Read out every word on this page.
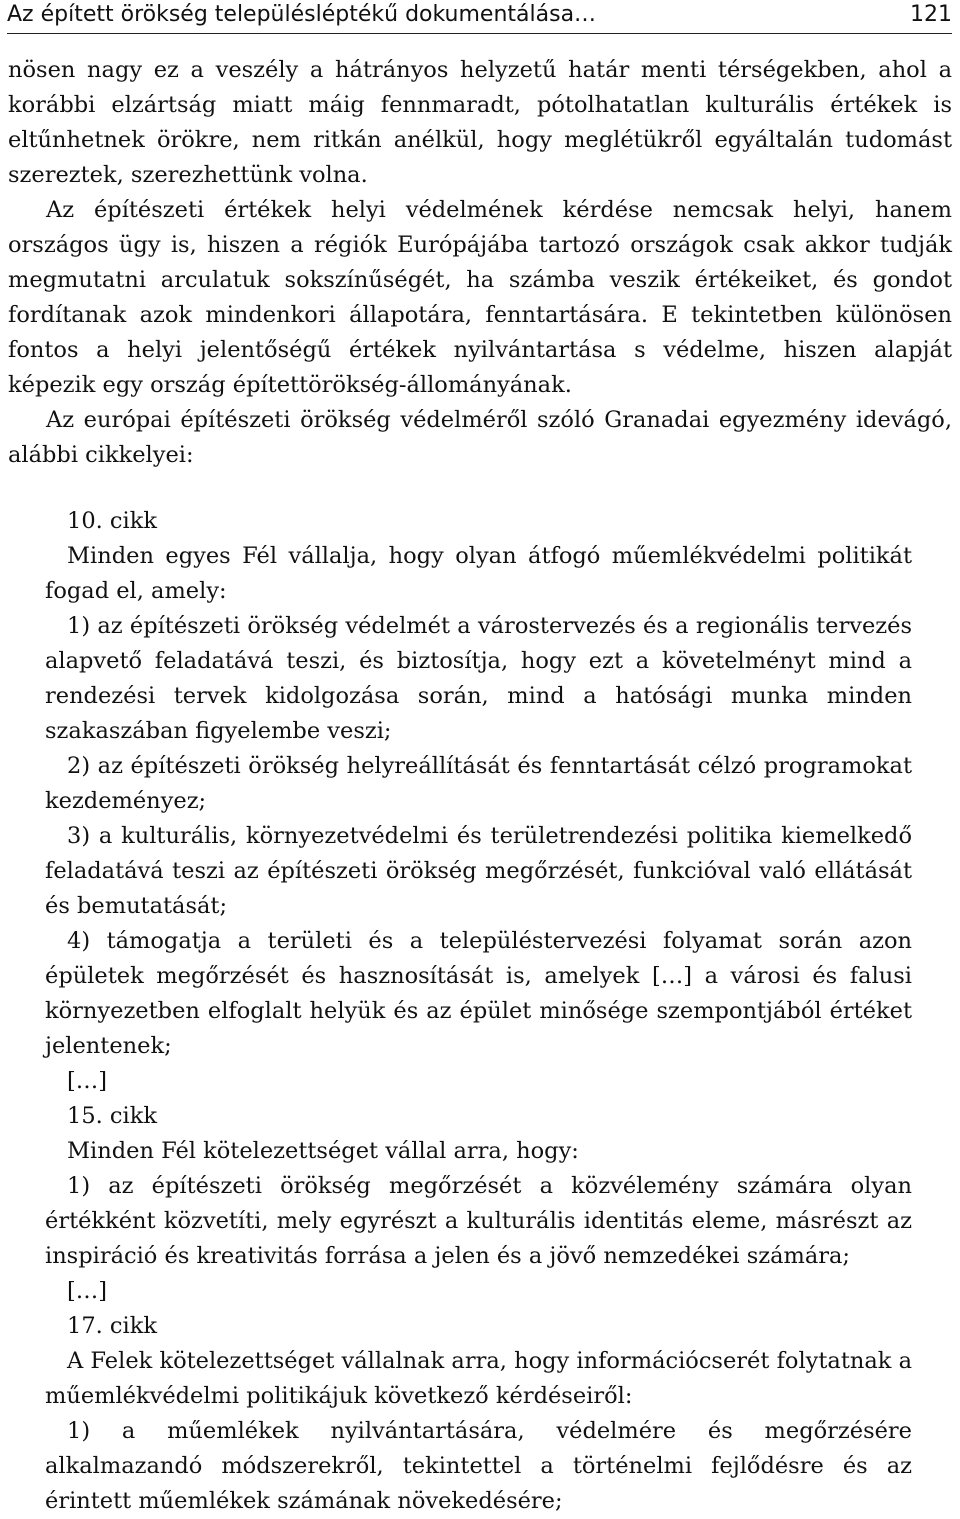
Az épített örökség településléptékű dokumentálása…	121

nösen nagy ez a veszély a hátrányos helyzetű határ menti térségekben, ahol a korábbi elzártság miatt máig fennmaradt, pótolhatatlan kulturális értékek is eltűnhetnek örökre, nem ritkán anélkül, hogy meglétükről egyáltalán tudomást szereztek, szerezhettünk volna.

Az építészeti értékek helyi védelmének kérdése nemcsak helyi, hanem országos ügy is, hiszen a régiók Európájába tartozó országok csak akkor tudják megmutatni arculatuk sokszínűségét, ha számba veszik értékeiket, és gondot fordítanak azok mindenkori állapotára, fenntartására. E tekintetben különösen fontos a helyi jelentőségű értékek nyilvántartása s védelme, hiszen alapját képezik egy ország építettörökség-állományának.

Az európai építészeti örökség védelméről szóló Granadai egyezmény idevágó, alábbi cikkelyei:

10. cikk

Minden egyes Fél vállalja, hogy olyan átfogó műemlékvédelmi politikát fogad el, amely:

1) az építészeti örökség védelmét a várostervezés és a regionális tervezés alapvető feladatává teszi, és biztosítja, hogy ezt a követelményt mind a rendezési tervek kidolgozása során, mind a hatósági munka minden szakaszában figyelembe veszi;

2) az építészeti örökség helyreállítását és fenntartását célzó programokat kezdeményez;

3) a kulturális, környezetvédelmi és területrendezési politika kiemelkedő feladatává teszi az építészeti örökség megőrzését, funkcióval való ellátását és bemutatását;

4) támogatja a területi és a településtervezési folyamat során azon épületek megőrzését és hasznosítását is, amelyek […] a városi és falusi környezetben elfoglalt helyük és az épület minősége szempontjából értéket jelentenek;

[…]

15. cikk

Minden Fél kötelezettséget vállal arra, hogy:

1) az építészeti örökség megőrzését a közvélemény számára olyan értékként közvetíti, mely egyrészt a kulturális identitás eleme, másrészt az inspiráció és kreativitás forrása a jelen és a jövő nemzedékei számára;

[…]

17. cikk

A Felek kötelezettséget vállalnak arra, hogy információcserét folytatnak a műemlékvédelmi politikájuk következő kérdéseiről:

1) a műemlékek nyilvántartására, védelmére és megőrzésére alkalmazandó módszerekről, tekintettel a történelmi fejlődésre és az érintett műemlékek számának növekedésére;
